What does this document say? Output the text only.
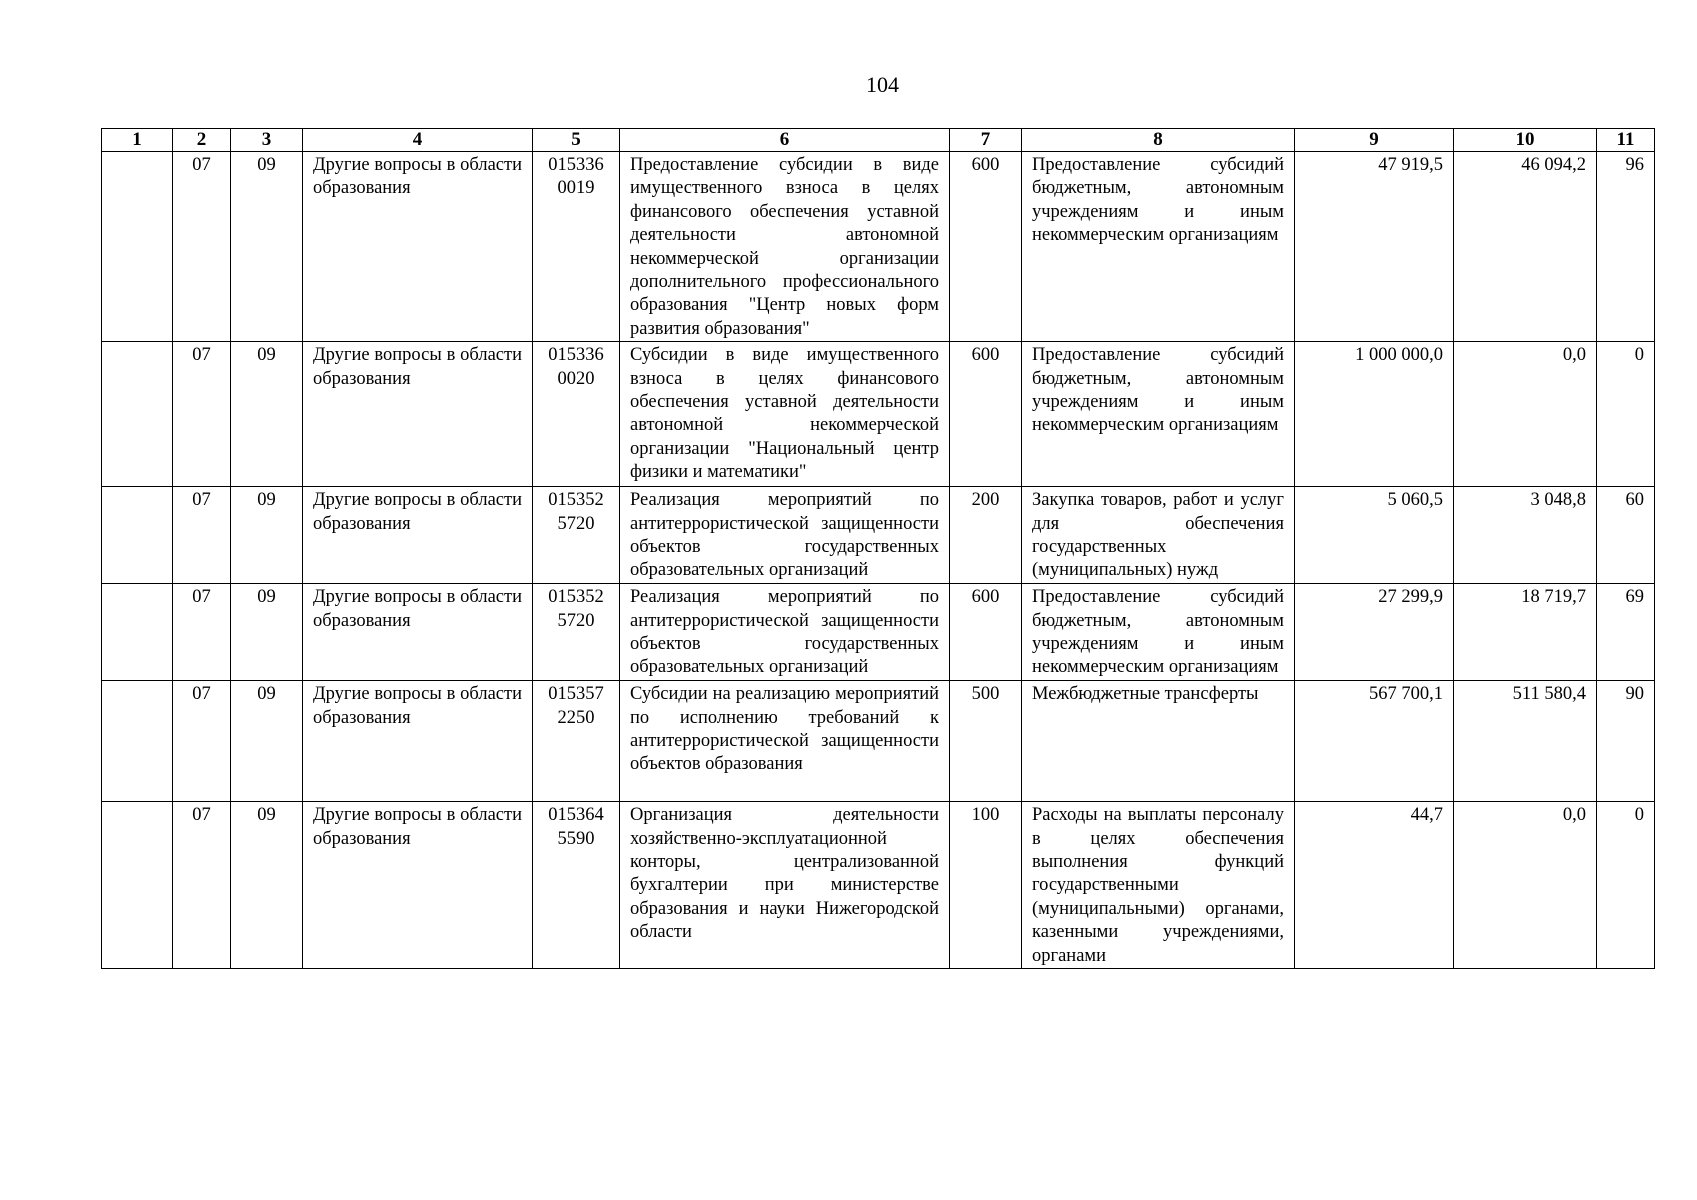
104
1	2	3	4	5	6	7	8	9	10	11
	07	09	Другие вопросы в области образования	015336 0019	Предоставление субсидии в виде имущественного взноса в целях финансового обеспечения уставной деятельности автономной некоммерческой организации дополнительного профессионального образования "Центр новых форм развития образования"	600	Предоставление субсидий бюджетным, автономным учреждениям и иным некоммерческим организациям	47 919,5	46 094,2	96
	07	09	Другие вопросы в области образования	015336 0020	Субсидии в виде имущественного взноса в целях финансового обеспечения уставной деятельности автономной некоммерческой организации "Национальный центр физики и математики"	600	Предоставление субсидий бюджетным, автономным учреждениям и иным некоммерческим организациям	1 000 000,0	0,0	0
	07	09	Другие вопросы в области образования	015352 5720	Реализация мероприятий по антитеррористической защищенности объектов государственных образовательных организаций	200	Закупка товаров, работ и услуг для обеспечения государственных (муниципальных) нужд	5 060,5	3 048,8	60
	07	09	Другие вопросы в области образования	015352 5720	Реализация мероприятий по антитеррористической защищенности объектов государственных образовательных организаций	600	Предоставление субсидий бюджетным, автономным учреждениям и иным некоммерческим организациям	27 299,9	18 719,7	69
	07	09	Другие вопросы в области образования	015357 2250	Субсидии на реализацию мероприятий по исполнению требований к антитеррористической защищенности объектов образования	500	Межбюджетные трансферты	567 700,1	511 580,4	90
	07	09	Другие вопросы в области образования	015364 5590	Организация деятельности хозяйственно-эксплуатационной конторы, централизованной бухгалтерии при министерстве образования и науки Нижегородской области	100	Расходы на выплаты персоналу в целях обеспечения выполнения функций государственными (муниципальными) органами, казенными учреждениями, органами	44,7	0,0	0
